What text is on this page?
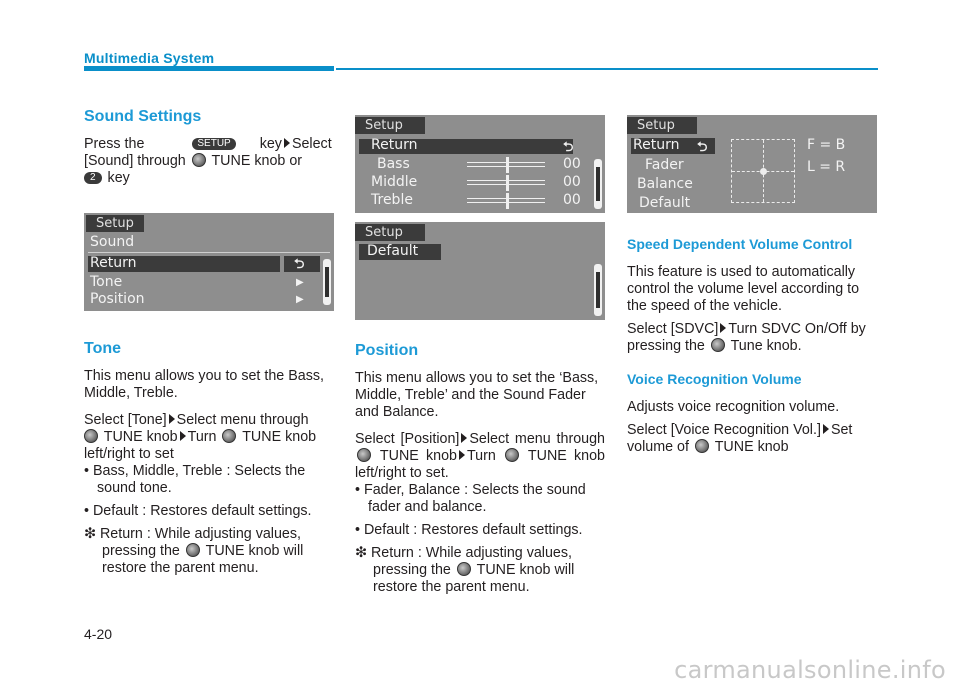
Multimedia System
Sound Settings

Press the	SETUP key Select

[Sound] through TUNE knob or

2 key

Setup
Sound
Return	⮌
Tone	▶
Position	▶
Tone

This menu allows you to set the Bass, Middle, Treble.

Select [Tone] Select menu through
TUNE knob Turn TUNE knob left/right to set

• Bass, Middle, Treble : Selects the sound tone.

• Default : Restores default settings.

❇ Return : While adjusting values, pressing the TUNE knob will restore the parent menu.

Setup
Return	⮌
Bass	00
Middle	00
Treble	00
Setup
Default
Position

This menu allows you to set the ‘Bass, Middle, Treble’ and the Sound Fader and Balance.

Select [Position] Select menu through  TUNE knob Turn TUNE knob left/right to set.

• Fader, Balance : Selects the sound fader and balance.

• Default : Restores default settings.

❇ Return : While adjusting values, pressing the TUNE knob will restore the parent menu.

Setup
Return ⮌
Fader
Balance
Default
F = B
L = R
Speed Dependent Volume Control

This feature is used to automatically control the volume level according to the speed of the vehicle.

Select [SDVC] Turn SDVC On/Off by pressing the Tune knob.

Voice Recognition Volume

Adjusts voice recognition volume.

Select [Voice Recognition Vol.] Set volume of TUNE knob

4-20
carmanualsonline.info
